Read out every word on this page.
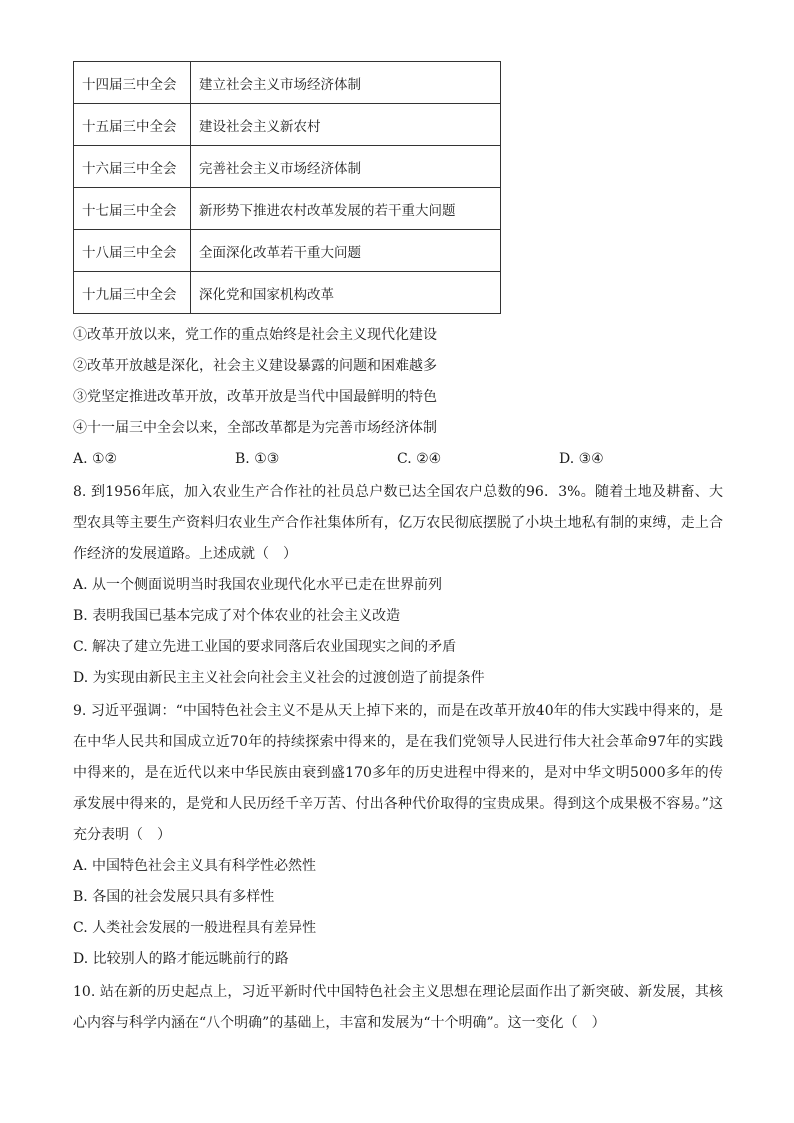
十四届三中全会	建立社会主义市场经济体制
十五届三中全会	建设社会主义新农村
十六届三中全会	完善社会主义市场经济体制
十七届三中全会	新形势下推进农村改革发展的若干重大问题
十八届三中全会	全面深化改革若干重大问题
十九届三中全会	深化党和国家机构改革
①改革开放以来，党工作的重点始终是社会主义现代化建设
②改革开放越是深化，社会主义建设暴露的问题和困难越多
③党坚定推进改革开放，改革开放是当代中国最鲜明的特色
④十一届三中全会以来，全部改革都是为完善市场经济体制
A. ①②	B. ①③	C. ②④	D. ③④
8. 到1956年底，加入农业生产合作社的社员总户数已达全国农户总数的96．3%。随着土地及耕畜、大型农具等主要生产资料归农业生产合作社集体所有，亿万农民彻底摆脱了小块土地私有制的束缚，走上合作经济的发展道路。上述成就（　）
A. 从一个侧面说明当时我国农业现代化水平已走在世界前列
B. 表明我国已基本完成了对个体农业的社会主义改造
C. 解决了建立先进工业国的要求同落后农业国现实之间的矛盾
D. 为实现由新民主主义社会向社会主义社会的过渡创造了前提条件
9. 习近平强调：“中国特色社会主义不是从天上掉下来的，而是在改革开放40年的伟大实践中得来的，是在中华人民共和国成立近70年的持续探索中得来的，是在我们党领导人民进行伟大社会革命97年的实践中得来的，是在近代以来中华民族由衰到盛170多年的历史进程中得来的，是对中华文明5000多年的传承发展中得来的，是党和人民历经千辛万苦、付出各种代价取得的宝贵成果。得到这个成果极不容易。”这充分表明（　）
A. 中国特色社会主义具有科学性必然性
B. 各国的社会发展只具有多样性
C. 人类社会发展的一般进程具有差异性
D. 比较别人的路才能远眺前行的路
10. 站在新的历史起点上，习近平新时代中国特色社会主义思想在理论层面作出了新突破、新发展，其核心内容与科学内涵在“八个明确”的基础上，丰富和发展为“十个明确”。这一变化（　）
